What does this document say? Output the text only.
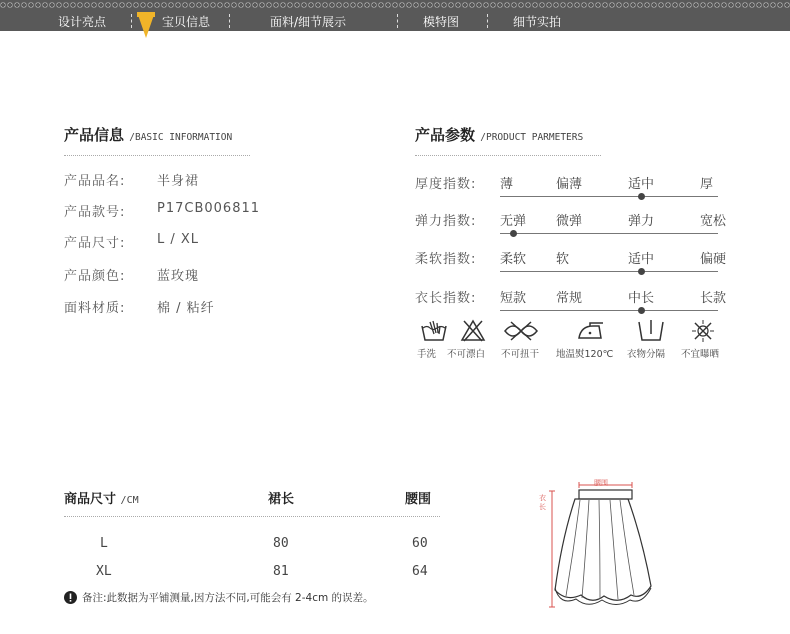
设计亮点	宝贝信息	面料/细节展示	模特图	细节实拍
产品信息 /BASIC INFORMATION
产品品名: 半身裙
产品款号: P17CB006811
产品尺寸: L / XL
产品颜色: 蓝玫瑰
面料材质: 棉 / 粘纤
产品参数 /PRODUCT PARMETERS
厚度指数: 薄	偏薄	适中	厚
弹力指数: 无弹 微弹	弹力	宽松
柔软指数: 柔软 软	适中	偏硬
衣长指数: 短款 常规	中长	长款
手洗 不可漂白 不可扭干 地温熨120℃ 衣物分隔 不宜曝晒
商品尺寸 /CM	裙长	腰围
L	80	60
XL	81	64
备注:此数据为平铺测量,因方法不同,可能会有 2-4cm 的误差。
腰围
衣长
